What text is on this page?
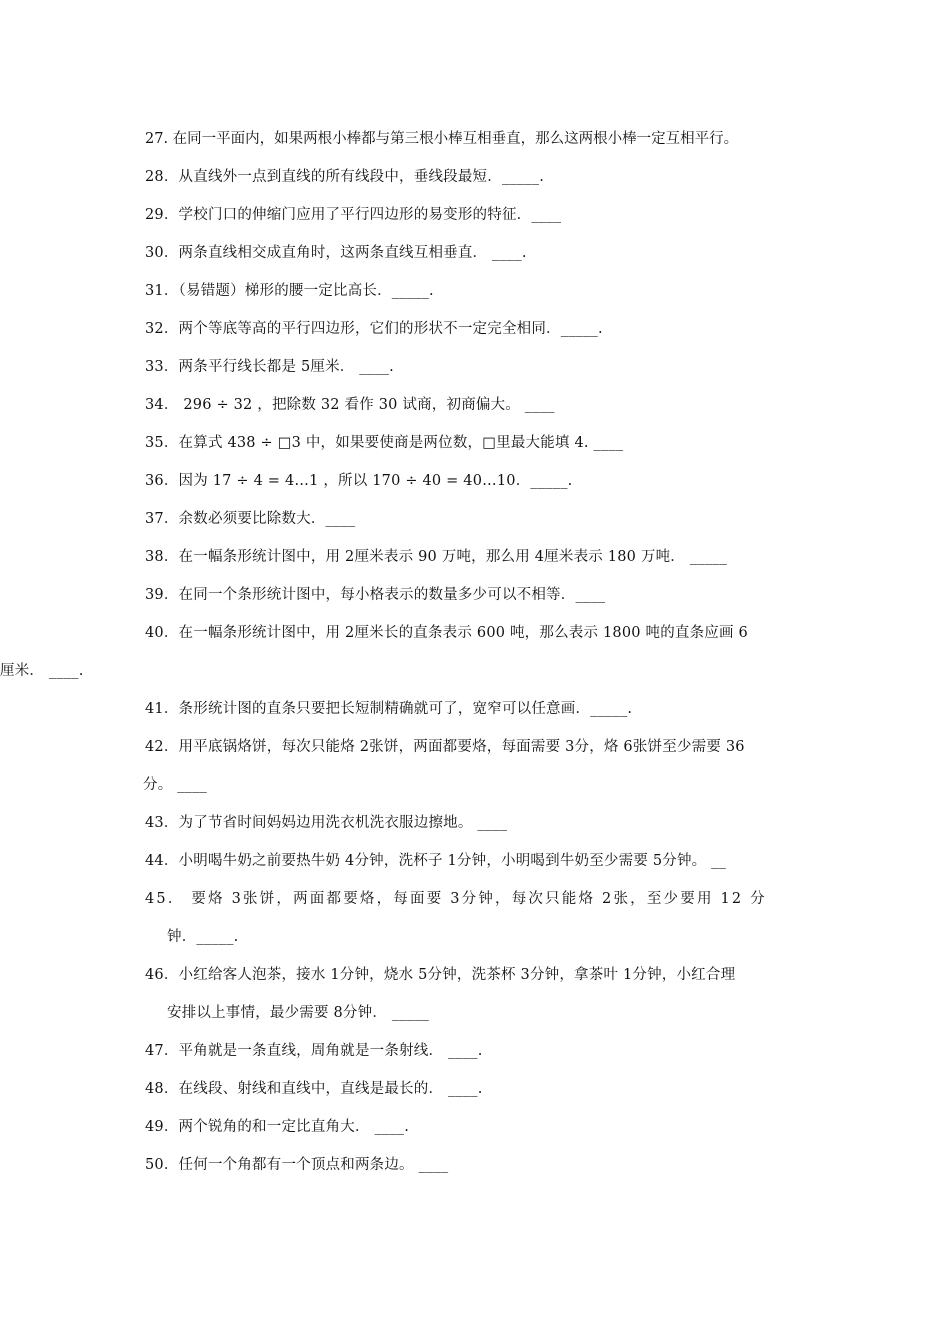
27. 在同一平面内，如果两根小棒都与第三根小棒互相垂直，那么这两根小棒一定互相平行。
28．从直线外一点到直线的所有线段中，垂线段最短．_____.
29．学校门口的伸缩门应用了平行四边形的易变形的特征．____
30．两条直线相交成直角时，这两条直线互相垂直． ____.
31．（易错题）梯形的腰一定比高长．_____.
32．两个等底等高的平行四边形，它们的形状不一定完全相同．_____.
33．两条平行线长都是 5厘米． ____.
34． 296 ÷ 32 ，把除数 32 看作 30 试商，初商偏大。 ____
35．在算式 438 ÷ □3 中，如果要使商是两位数，□里最大能填 4. ____
36．因为 17 ÷ 4 = 4…1 ，所以 170 ÷ 40 = 40…10．_____.
37．余数必须要比除数大．____
38．在一幅条形统计图中，用 2厘米表示 90 万吨，那么用 4厘米表示 180 万吨． _____
39．在同一个条形统计图中，每小格表示的数量多少可以不相等．____
40．在一幅条形统计图中，用 2厘米长的直条表示 600 吨，那么表示 1800 吨的直条应画 6
厘米． ____.
41．条形统计图的直条只要把长短制精确就可了，宽窄可以任意画．_____.
42．用平底锅烙饼，每次只能烙 2张饼，两面都要烙，每面需要 3分，烙 6张饼至少需要 36
分。 ____
43．为了节省时间妈妈边用洗衣机洗衣服边擦地。 ____
44．小明喝牛奶之前要热牛奶 4分钟，洗杯子 1分钟，小明喝到牛奶至少需要 5分钟。 __
45． 要烙 3张饼，两面都要烙，每面要 3分钟，每次只能烙 2张，至少要用 12 分
钟．_____.
46．小红给客人泡茶，接水 1分钟，烧水 5分钟，洗茶杯 3分钟，拿茶叶 1分钟，小红合理
安排以上事情，最少需要 8分钟． _____
47．平角就是一条直线，周角就是一条射线． ____.
48．在线段、射线和直线中，直线是最长的． ____.
49．两个锐角的和一定比直角大． ____.
50．任何一个角都有一个顶点和两条边。 ____
